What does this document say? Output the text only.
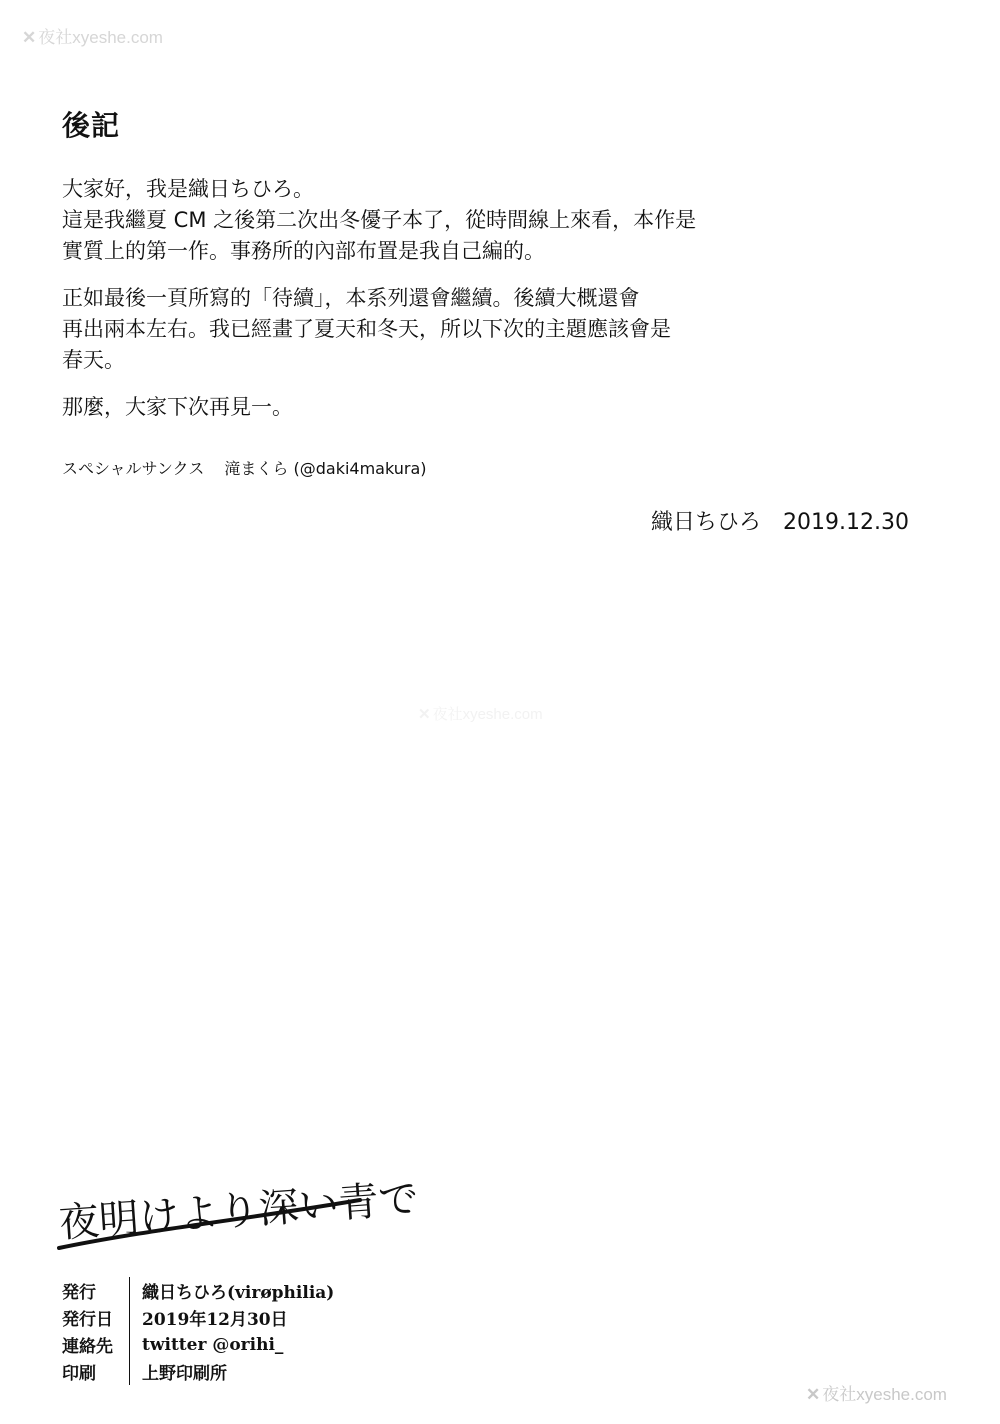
✕ 夜社xyeshe.com
✕ 夜社xyeshe.com
✕ 夜社xyeshe.com
後記

大家好，我是織日ちひろ。
這是我繼夏 CM 之後第二次出冬優子本了，從時間線上來看，本作是
實質上的第一作。事務所的內部布置是我自己編的。

正如最後一頁所寫的「待續」，本系列還會繼續。後續大概還會
再出兩本左右。我已經畫了夏天和冬天，所以下次的主題應該會是
春天。

那麼，大家下次再見一。

スペシャルサンクス 滝まくら (@daki4makura)
織日ちひろ 2019.12.30
夜明けより深い青で
発行	織日ちひろ(virøphilia)
発行日	2019年12月30日
連絡先	twitter @orihi_
印刷	上野印刷所
